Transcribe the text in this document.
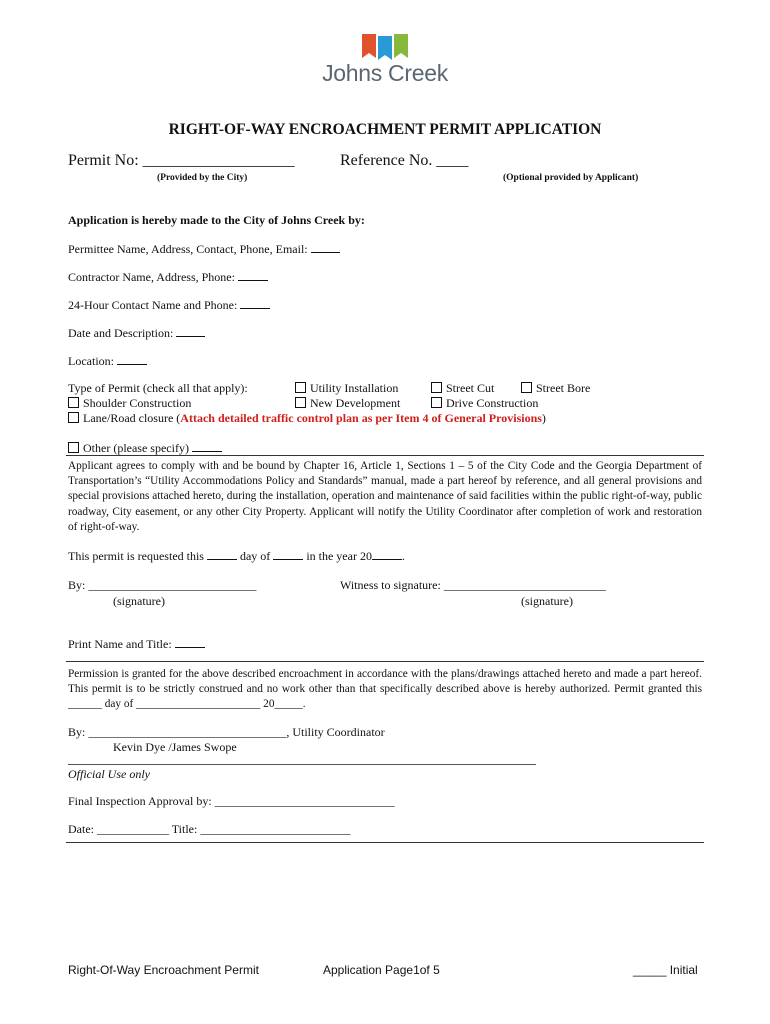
Johns Creek
RIGHT-OF-WAY ENCROACHMENT PERMIT APPLICATION
Permit No: ___________________	Reference No. ____
(Provided by the City)	(Optional provided by Applicant)
Application is hereby made to the City of Johns Creek by:
Permittee Name, Address, Contact, Phone, Email:
Contractor Name, Address, Phone:
24-Hour Contact Name and Phone:
Date and Description:
Location:
Type of Permit (check all that apply):	Utility Installation	Street Cut	Street Bore
Shoulder Construction	New Development	Drive Construction
Lane/Road closure (Attach detailed traffic control plan as per Item 4 of General Provisions)
Other (please specify)
Applicant agrees to comply with and be bound by Chapter 16, Article 1, Sections 1 – 5 of the City Code and the Georgia Department of Transportation’s “Utility Accommodations Policy and Standards” manual, made a part hereof by reference, and all general provisions and special provisions attached hereto, during the installation, operation and maintenance of said facilities within the public right-of-way, public roadway, City easement, or any other City Property. Applicant will notify the Utility Coordinator after completion of work and restoration of right-of-way.
This permit is requested this	day of	in the year 20	.
By: ____________________________
(signature)
Witness to signature: ___________________________
(signature)
Print Name and Title:
Permission is granted for the above described encroachment in accordance with the plans/drawings attached hereto and made a part hereof. This permit is to be strictly construed and no work other than that specifically described above is hereby authorized. Permit granted this ______ day of ______________________ 20_____.
By: _________________________________, Utility Coordinator
Kevin Dye /James Swope
Official Use only
Final Inspection Approval by: ______________________________
Date: ____________ Title: _________________________
Right-Of-Way Encroachment Permit	Application Page1of 5	_____ Initial
